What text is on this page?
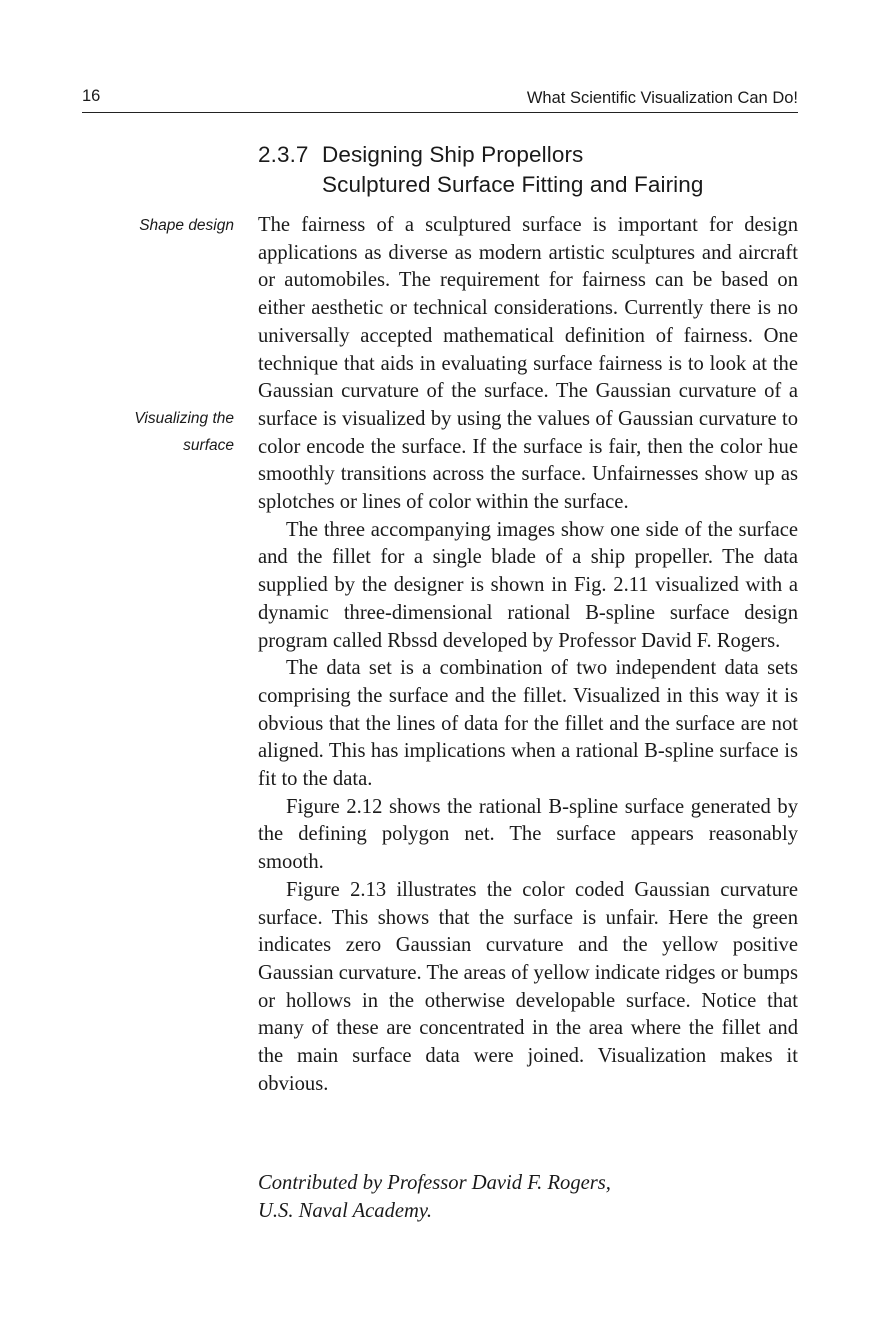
16	What Scientific Visualization Can Do!
2.3.7 Designing Ship Propellors
Sculptured Surface Fitting and Fairing
Shape design
Visualizing the
surface

The fairness of a sculptured surface is important for design applications as diverse as modern artistic sculptures and aircraft or automobiles. The requirement for fairness can be based on either aesthetic or technical considerations. Currently there is no universally accepted mathematical definition of fairness. One technique that aids in evaluating surface fairness is to look at the Gaussian curvature of the surface. The Gaussian curvature of a surface is visualized by using the values of Gaussian curvature to color encode the surface. If the surface is fair, then the color hue smoothly transitions across the surface. Unfairnesses show up as splotches or lines of color within the surface.

The three accompanying images show one side of the surface and the fillet for a single blade of a ship propeller. The data supplied by the designer is shown in Fig. 2.11 visualized with a dynamic three-dimensional rational B-spline surface design program called Rbssd developed by Professor David F. Rogers.

The data set is a combination of two independent data sets comprising the surface and the fillet. Visualized in this way it is obvious that the lines of data for the fillet and the surface are not aligned. This has implications when a rational B-spline surface is fit to the data.

Figure 2.12 shows the rational B-spline surface generated by the defining polygon net. The surface appears reasonably smooth.

Figure 2.13 illustrates the color coded Gaussian curvature surface. This shows that the surface is unfair. Here the green indicates zero Gaussian curvature and the yellow positive Gaussian curvature. The areas of yellow indicate ridges or bumps or hollows in the otherwise developable surface. Notice that many of these are concentrated in the area where the fillet and the main surface data were joined. Visualization makes it obvious.

Contributed by Professor David F. Rogers,
U.S. Naval Academy.
